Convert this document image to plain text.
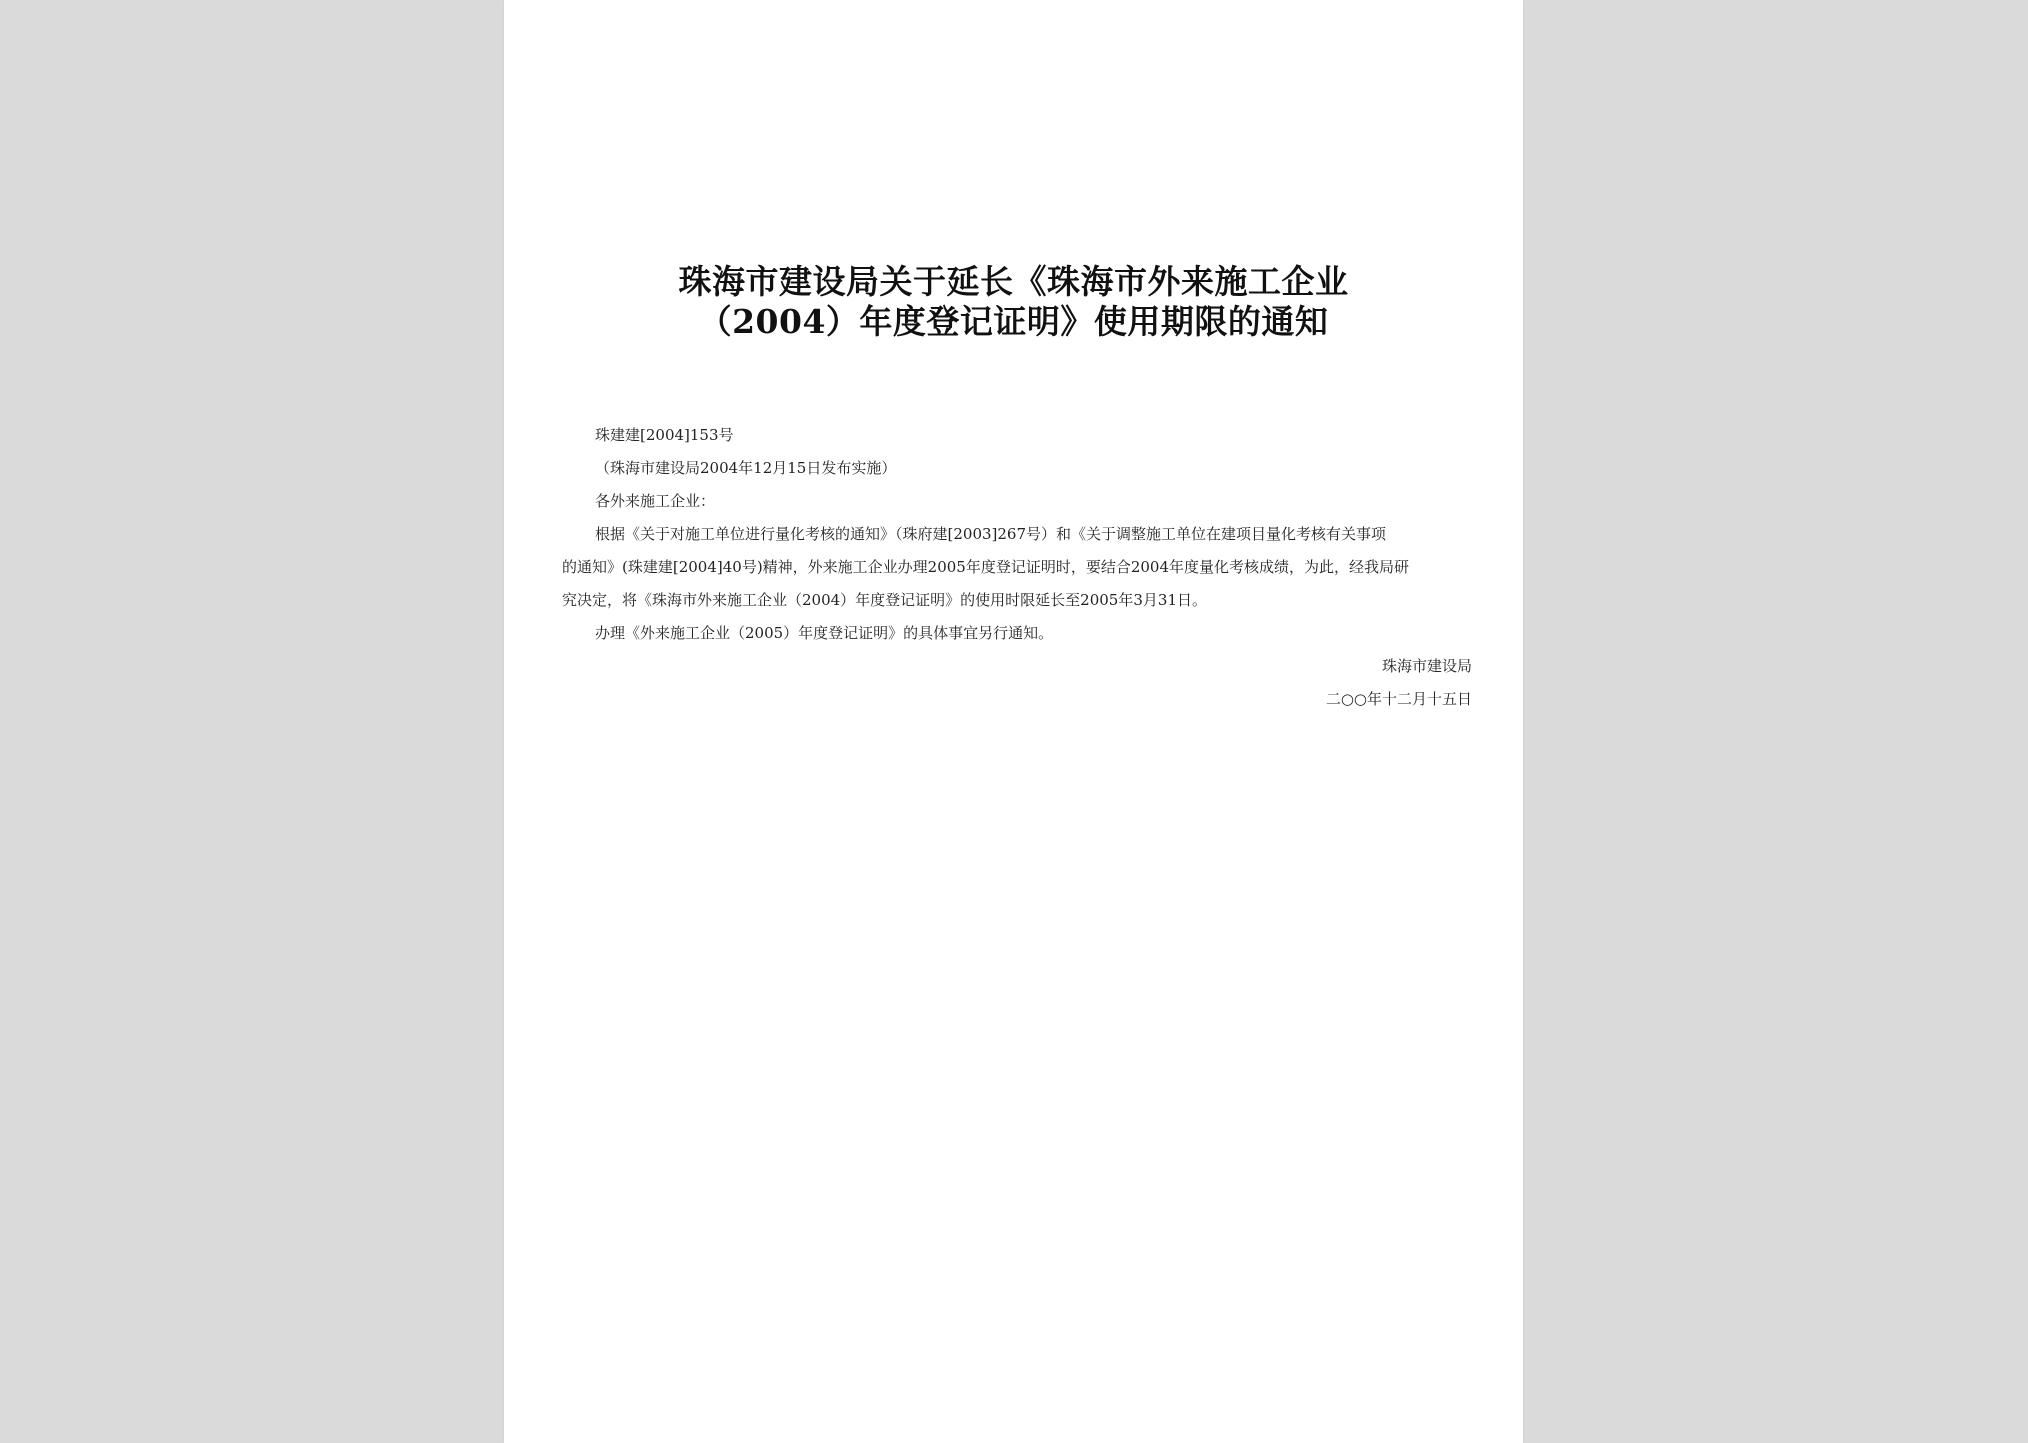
珠海市建设局关于延长《珠海市外来施工企业
（2004）年度登记证明》使用期限的通知

珠建建[2004]153号

（珠海市建设局2004年12月15日发布实施）

各外来施工企业：

根据《关于对施工单位进行量化考核的通知》（珠府建[2003]267号）和《关于调整施工单位在建项目量化考核有关事项
的通知》(珠建建[2004]40号)精神，外来施工企业办理2005年度登记证明时，要结合2004年度量化考核成绩，为此，经我局研
究决定，将《珠海市外来施工企业（2004）年度登记证明》的使用时限延长至2005年3月31日。

办理《外来施工企业（2005）年度登记证明》的具体事宜另行通知。

珠海市建设局

二○○年十二月十五日
